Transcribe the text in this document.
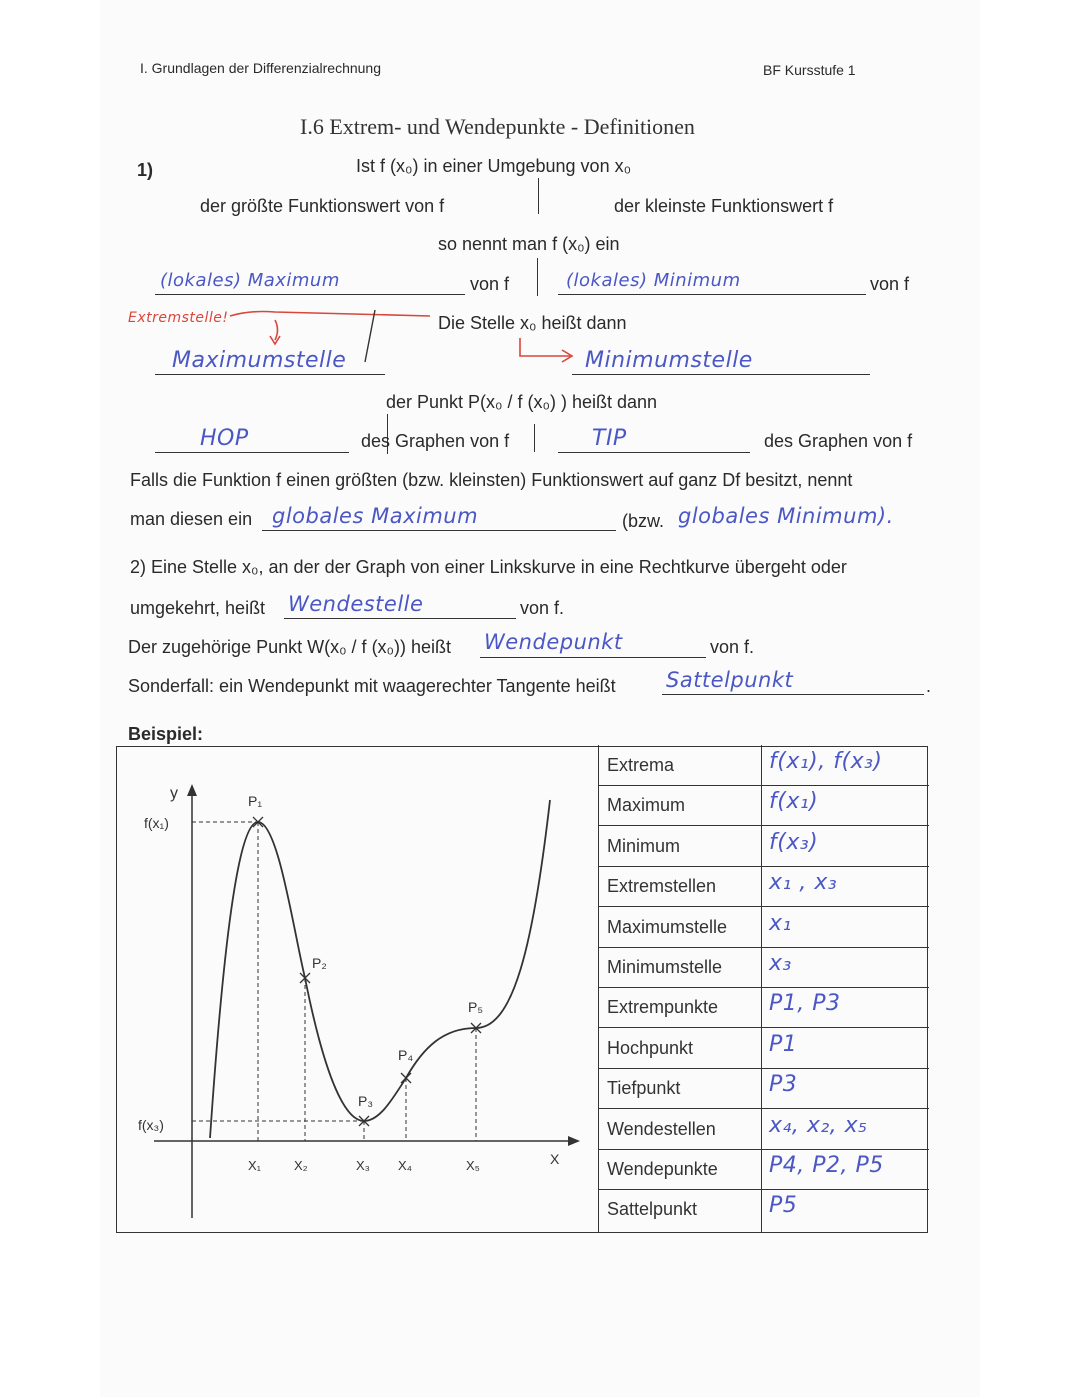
I. Grundlagen der Differenzialrechnung	BF Kursstufe 1
I.6 Extrem- und Wendepunkte - Definitionen
1)	Ist f (x₀) in einer Umgebung von x₀
der größte Funktionswert von f	der kleinste Funktionswert f
so nennt man f (x₀) ein
(lokales) Maximum	von f	(lokales) Minimum	von f
Extremstelle!	Die Stelle x₀ heißt dann
Maximumstelle	Minimumstelle
der Punkt P(x₀ / f (x₀) ) heißt dann
HOP	des Graphen von f	TIP	des Graphen von f
Falls die Funktion f einen größten (bzw. kleinsten) Funktionswert auf ganz Df besitzt, nennt
man diesen ein globales Maximum	(bzw. globales Minimum).
2) Eine Stelle x₀, an der der Graph von einer Linkskurve in eine Rechtkurve übergeht oder
umgekehrt, heißt Wendestelle	von f.
Der zugehörige Punkt W(x₀ / f (x₀)) heißt Wendepunkt	von f.
Sonderfall: ein Wendepunkt mit waagerechter Tangente heißt Sattelpunkt	.
Beispiel:
y
X
f(x₁)
f(x₃)
P₁
P₂
P₃
P₄
P₅
X₁	X₂	X₃ X₄	X₅
Extrema	f(x₁), f(x₃)
Maximum	f(x₁)
Minimum	f(x₃)
Extremstellen x₁ , x₃
Maximumstelle x₁
Minimumstelle x₃
Extrempunkte P1, P3
Hochpunkt	P1
Tiefpunkt	P3
Wendestellen x₄, x₂, x₅
Wendepunkte P4, P2, P5
Sattelpunkt	P5
